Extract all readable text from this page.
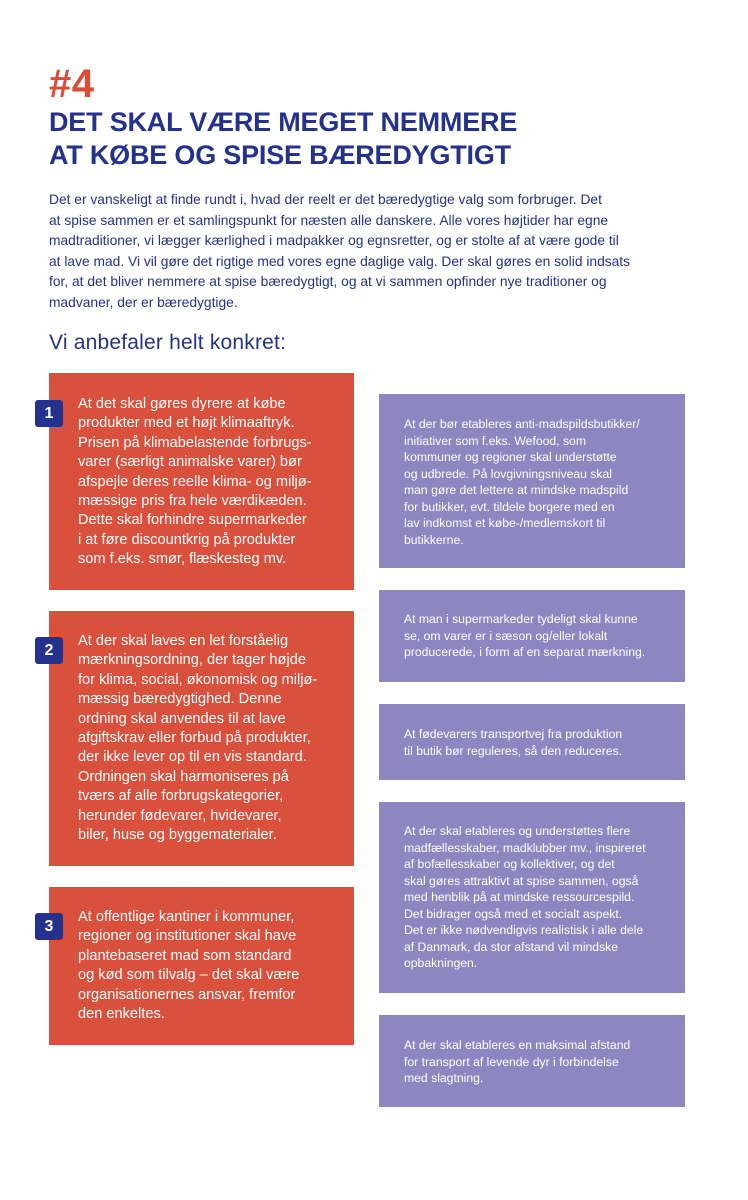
#4
DET SKAL VÆRE MEGET NEMMERE
AT KØBE OG SPISE BÆREDYGTIGT
Det er vanskeligt at finde rundt i, hvad der reelt er det bæredygtige valg som forbruger. Det
at spise sammen er et samlingspunkt for næsten alle danskere. Alle vores højtider har egne
madtraditioner, vi lægger kærlighed i madpakker og egnsretter, og er stolte af at være gode til
at lave mad. Vi vil gøre det rigtige med vores egne daglige valg. Der skal gøres en solid indsats
for, at det bliver nemmere at spise bæredygtigt, og at vi sammen opfinder nye traditioner og
madvaner, der er bæredygtige.
Vi anbefaler helt konkret:
1
At det skal gøres dyrere at købe
produkter med et højt klimaaftryk.
Prisen på klimabelastende forbrugs-
varer (særligt animalske varer) bør
afspejle deres reelle klima- og miljø-
mæssige pris fra hele værdikæden.
Dette skal forhindre supermarkeder
i at føre discountkrig på produkter
som f.eks. smør, flæskesteg mv.
2
At der skal laves en let forståelig
mærkningsordning, der tager højde
for klima, social, økonomisk og miljø-
mæssig bæredygtighed. Denne
ordning skal anvendes til at lave
afgiftskrav eller forbud på produkter,
der ikke lever op til en vis standard.
Ordningen skal harmoniseres på
tværs af alle forbrugskategorier,
herunder fødevarer, hvidevarer,
biler, huse og byggematerialer.
3
At offentlige kantiner i kommuner,
regioner og institutioner skal have
plantebaseret mad som standard
og kød som tilvalg – det skal være
organisationernes ansvar, fremfor
den enkeltes.
At der bør etableres anti-madspildsbutikker/
initiativer som f.eks. Wefood, som
kommuner og regioner skal understøtte
og udbrede. På lovgivningsniveau skal
man gøre det lettere at mindske madspild
for butikker, evt. tildele borgere med en
lav indkomst et købe-/medlemskort til
butikkerne.
At man i supermarkeder tydeligt skal kunne
se, om varer er i sæson og/eller lokalt
producerede, i form af en separat mærkning.
At fødevarers transportvej fra produktion
til butik bør reguleres, så den reduceres.
At der skal etableres og understøttes flere
madfællesskaber, madklubber mv., inspireret
af bofællesskaber og kollektiver, og det
skal gøres attraktivt at spise sammen, også
med henblik på at mindske ressourcespild.
Det bidrager også med et socialt aspekt.
Det er ikke nødvendigvis realistisk i alle dele
af Danmark, da stor afstand vil mindske
opbakningen.
At der skal etableres en maksimal afstand
for transport af levende dyr i forbindelse
med slagtning.
